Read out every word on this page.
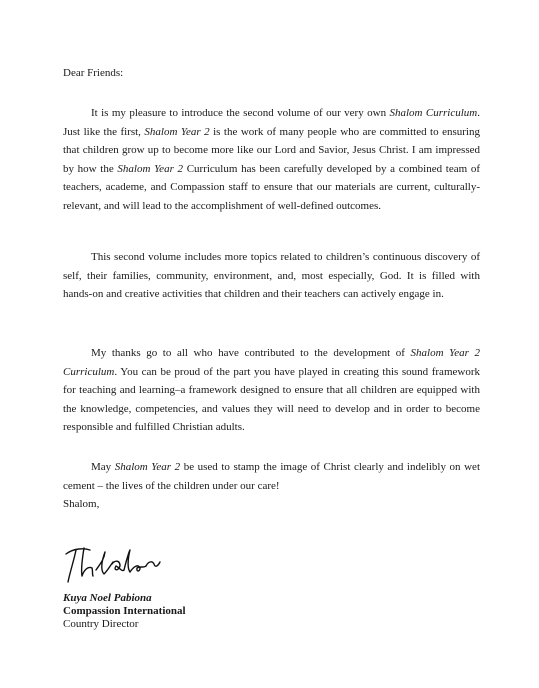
Dear Friends:

It is my pleasure to introduce the second volume of our very own Shalom Curriculum. Just like the first, Shalom Year 2 is the work of many people who are committed to ensuring that children grow up to become more like our Lord and Savior, Jesus Christ. I am impressed by how the Shalom Year 2 Curriculum has been carefully developed by a combined team of teachers, academe, and Compassion staff to ensure that our materials are current, culturally-relevant, and will lead to the accomplishment of well-defined outcomes.

This second volume includes more topics related to children’s continuous discovery of self, their families, community, environment, and, most especially, God. It is filled with hands-on and creative activities that children and their teachers can actively engage in.

My thanks go to all who have contributed to the development of Shalom Year 2 Curriculum. You can be proud of the part you have played in creating this sound framework for teaching and learning–a framework designed to ensure that all children are equipped with the knowledge, competencies, and values they will need to develop and in order to become responsible and fulfilled Christian adults.

May Shalom Year 2 be used to stamp the image of Christ clearly and indelibly on wet cement – the lives of the children under our care!

Shalom,
Kuya Noel Pabiona
Compassion International
Country Director
